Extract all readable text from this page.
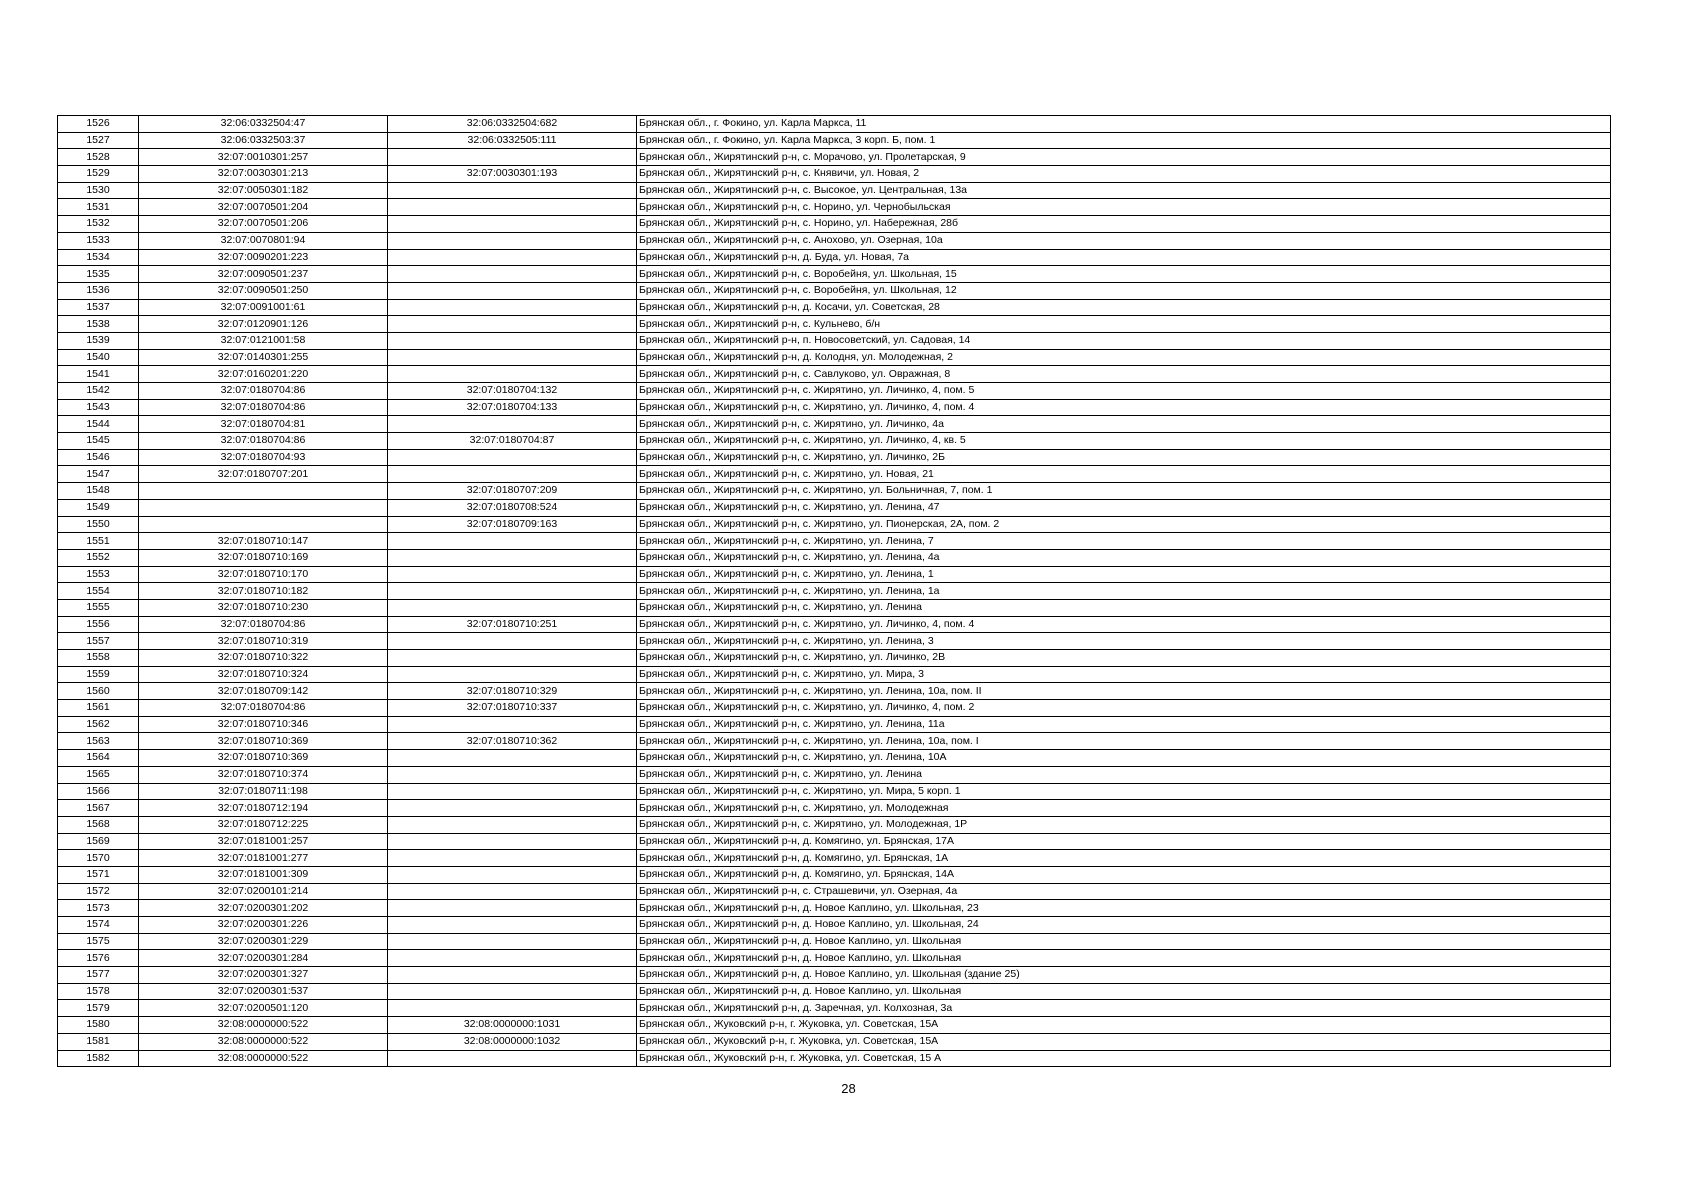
1526	32:06:0332504:47	32:06:0332504:682	Брянская обл., г. Фокино, ул. Карла Маркса, 11
1527	32:06:0332503:37	32:06:0332505:111	Брянская обл., г. Фокино, ул. Карла Маркса, 3 корп. Б, пом. 1
1528	32:07:0010301:257		Брянская обл., Жирятинский р-н, с. Морачово, ул. Пролетарская, 9
1529	32:07:0030301:213	32:07:0030301:193	Брянская обл., Жирятинский р-н, с. Княвичи, ул. Новая, 2
1530	32:07:0050301:182		Брянская обл., Жирятинский р-н, с. Высокое, ул. Центральная, 13а
1531	32:07:0070501:204		Брянская обл., Жирятинский р-н, с. Норино, ул. Чернобыльская
1532	32:07:0070501:206		Брянская обл., Жирятинский р-н, с. Норино, ул. Набережная, 28б
1533	32:07:0070801:94		Брянская обл., Жирятинский р-н, с. Анохово, ул. Озерная, 10а
1534	32:07:0090201:223		Брянская обл., Жирятинский р-н, д. Буда, ул. Новая, 7а
1535	32:07:0090501:237		Брянская обл., Жирятинский р-н, с. Воробейня, ул. Школьная, 15
1536	32:07:0090501:250		Брянская обл., Жирятинский р-н, с. Воробейня, ул. Школьная, 12
1537	32:07:0091001:61		Брянская обл., Жирятинский р-н, д. Косачи, ул. Советская, 28
1538	32:07:0120901:126		Брянская обл., Жирятинский р-н, с. Кульнево, б/н
1539	32:07:0121001:58		Брянская обл., Жирятинский р-н, п. Новосоветский, ул. Садовая, 14
1540	32:07:0140301:255		Брянская обл., Жирятинский р-н, д. Колодня, ул. Молодежная, 2
1541	32:07:0160201:220		Брянская обл., Жирятинский р-н, с. Савлуково, ул. Овражная, 8
1542	32:07:0180704:86	32:07:0180704:132	Брянская обл., Жирятинский р-н, с. Жирятино, ул. Личинко, 4, пом. 5
1543	32:07:0180704:86	32:07:0180704:133	Брянская обл., Жирятинский р-н, с. Жирятино, ул. Личинко, 4, пом. 4
1544	32:07:0180704:81		Брянская обл., Жирятинский р-н, с. Жирятино, ул. Личинко, 4а
1545	32:07:0180704:86	32:07:0180704:87	Брянская обл., Жирятинский р-н, с. Жирятино, ул. Личинко, 4, кв. 5
1546	32:07:0180704:93		Брянская обл., Жирятинский р-н, с. Жирятино, ул. Личинко, 2Б
1547	32:07:0180707:201		Брянская обл., Жирятинский р-н, с. Жирятино, ул. Новая, 21
1548		32:07:0180707:209	Брянская обл., Жирятинский р-н, с. Жирятино, ул. Больничная, 7, пом. 1
1549		32:07:0180708:524	Брянская обл., Жирятинский р-н, с. Жирятино, ул. Ленина, 47
1550		32:07:0180709:163	Брянская обл., Жирятинский р-н, с. Жирятино, ул. Пионерская, 2А, пом. 2
1551	32:07:0180710:147		Брянская обл., Жирятинский р-н, с. Жирятино, ул. Ленина, 7
1552	32:07:0180710:169		Брянская обл., Жирятинский р-н, с. Жирятино, ул. Ленина, 4а
1553	32:07:0180710:170		Брянская обл., Жирятинский р-н, с. Жирятино, ул. Ленина, 1
1554	32:07:0180710:182		Брянская обл., Жирятинский р-н, с. Жирятино, ул. Ленина, 1а
1555	32:07:0180710:230		Брянская обл., Жирятинский р-н, с. Жирятино, ул. Ленина
1556	32:07:0180704:86	32:07:0180710:251	Брянская обл., Жирятинский р-н, с. Жирятино, ул. Личинко, 4, пом. 4
1557	32:07:0180710:319		Брянская обл., Жирятинский р-н, с. Жирятино, ул. Ленина, 3
1558	32:07:0180710:322		Брянская обл., Жирятинский р-н, с. Жирятино, ул. Личинко, 2В
1559	32:07:0180710:324		Брянская обл., Жирятинский р-н, с. Жирятино, ул. Мира, 3
1560	32:07:0180709:142	32:07:0180710:329	Брянская обл., Жирятинский р-н, с. Жирятино, ул. Ленина, 10а, пом. II
1561	32:07:0180704:86	32:07:0180710:337	Брянская обл., Жирятинский р-н, с. Жирятино, ул. Личинко, 4, пом. 2
1562	32:07:0180710:346		Брянская обл., Жирятинский р-н, с. Жирятино, ул. Ленина, 11а
1563	32:07:0180710:369	32:07:0180710:362	Брянская обл., Жирятинский р-н, с. Жирятино, ул. Ленина, 10а, пом. I
1564	32:07:0180710:369		Брянская обл., Жирятинский р-н, с. Жирятино, ул. Ленина, 10А
1565	32:07:0180710:374		Брянская обл., Жирятинский р-н, с. Жирятино, ул. Ленина
1566	32:07:0180711:198		Брянская обл., Жирятинский р-н, с. Жирятино, ул. Мира, 5 корп. 1
1567	32:07:0180712:194		Брянская обл., Жирятинский р-н, с. Жирятино, ул. Молодежная
1568	32:07:0180712:225		Брянская обл., Жирятинский р-н, с. Жирятино, ул. Молодежная, 1Р
1569	32:07:0181001:257		Брянская обл., Жирятинский р-н, д. Комягино, ул. Брянская, 17А
1570	32:07:0181001:277		Брянская обл., Жирятинский р-н, д. Комягино, ул. Брянская, 1А
1571	32:07:0181001:309		Брянская обл., Жирятинский р-н, д. Комягино, ул. Брянская, 14А
1572	32:07:0200101:214		Брянская обл., Жирятинский р-н, с. Страшевичи, ул. Озерная, 4а
1573	32:07:0200301:202		Брянская обл., Жирятинский р-н, д. Новое Каплино, ул. Школьная, 23
1574	32:07:0200301:226		Брянская обл., Жирятинский р-н, д. Новое Каплино, ул. Школьная, 24
1575	32:07:0200301:229		Брянская обл., Жирятинский р-н, д. Новое Каплино, ул. Школьная
1576	32:07:0200301:284		Брянская обл., Жирятинский р-н, д. Новое Каплино, ул. Школьная
1577	32:07:0200301:327		Брянская обл., Жирятинский р-н, д. Новое Каплино, ул. Школьная (здание 25)
1578	32:07:0200301:537		Брянская обл., Жирятинский р-н, д. Новое Каплино, ул. Школьная
1579	32:07:0200501:120		Брянская обл., Жирятинский р-н, д. Заречная, ул. Колхозная, 3а
1580	32:08:0000000:522	32:08:0000000:1031	Брянская обл., Жуковский р-н, г. Жуковка, ул. Советская, 15А
1581	32:08:0000000:522	32:08:0000000:1032	Брянская обл., Жуковский р-н, г. Жуковка, ул. Советская, 15А
1582	32:08:0000000:522		Брянская обл., Жуковский р-н, г. Жуковка, ул. Советская, 15 А
28
